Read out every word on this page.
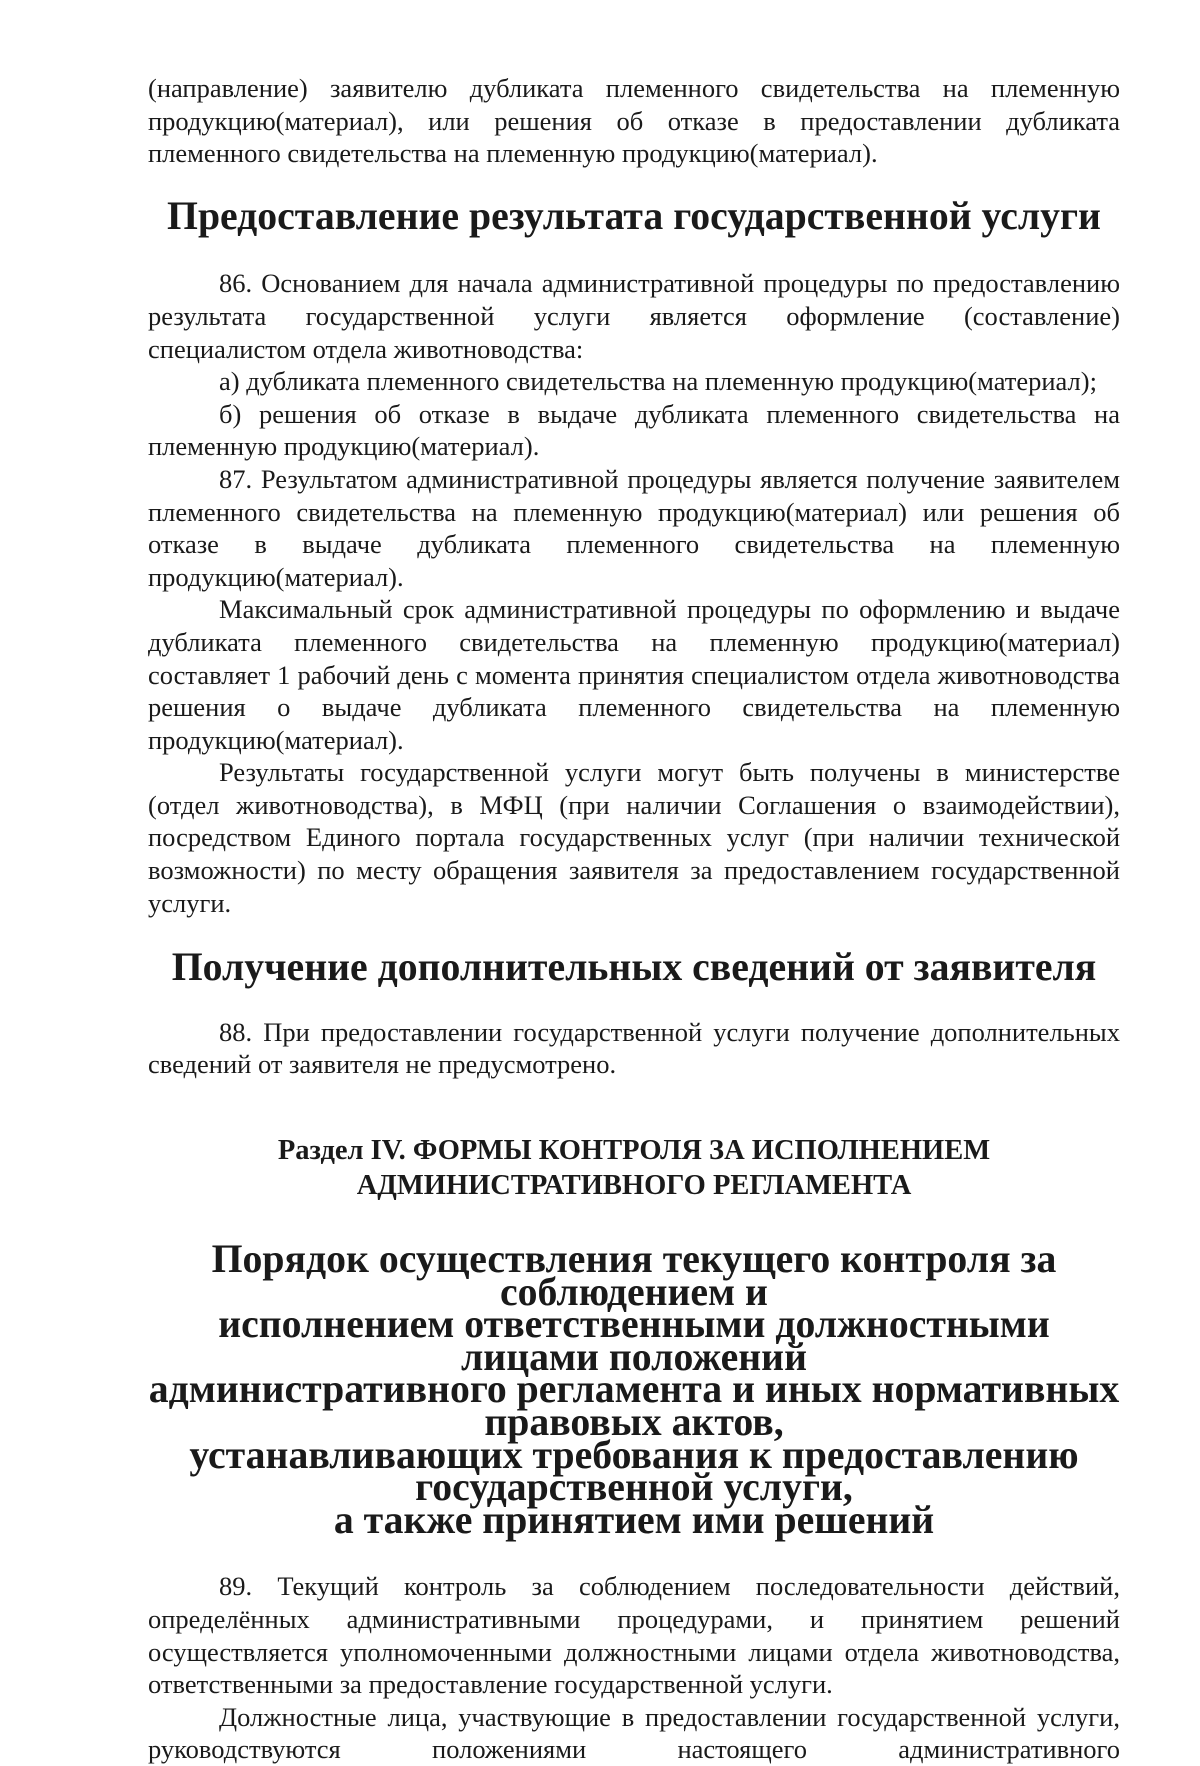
(направление) заявителю дубликата племенного свидетельства на племенную продукцию(материал), или решения об отказе в предоставлении дубликата племенного свидетельства на племенную продукцию(материал).

Предоставление результата государственной услуги

86. Основанием для начала административной процедуры по предоставлению результата государственной услуги является оформление (составление) специалистом отдела животноводства:

а) дубликата племенного свидетельства на племенную продукцию(материал);

б) решения об отказе в выдаче дубликата племенного свидетельства на племенную продукцию(материал).

87. Результатом административной процедуры является получение заявителем племенного свидетельства на племенную продукцию(материал) или решения об отказе в выдаче дубликата племенного свидетельства на племенную продукцию(материал).

Максимальный срок административной процедуры по оформлению и выдаче дубликата племенного свидетельства на племенную продукцию(материал) составляет 1 рабочий день с момента принятия специалистом отдела животноводства решения о выдаче дубликата племенного свидетельства на племенную продукцию(материал).

Результаты государственной услуги могут быть получены в министерстве (отдел животноводства), в МФЦ (при наличии Соглашения о взаимодействии), посредством Единого портала государственных услуг (при наличии технической возможности) по месту обращения заявителя за предоставлением государственной услуги.

Получение дополнительных сведений от заявителя

88. При предоставлении государственной услуги получение дополнительных сведений от заявителя не предусмотрено.

Раздел IV. ФОРМЫ КОНТРОЛЯ ЗА ИСПОЛНЕНИЕМ
АДМИНИСТРАТИВНОГО РЕГЛАМЕНТА
Порядок осуществления текущего контроля за соблюдением и
исполнением ответственными должностными лицами положений
административного регламента и иных нормативных правовых актов,
устанавливающих требования к предоставлению государственной услуги,
а также принятием ими решений

89. Текущий контроль за соблюдением последовательности действий, определённых административными процедурами, и принятием решений осуществляется уполномоченными должностными лицами отдела животноводства, ответственными за предоставление государственной услуги.

Должностные лица, участвующие в предоставлении государственной услуги, руководствуются положениями настоящего административного
